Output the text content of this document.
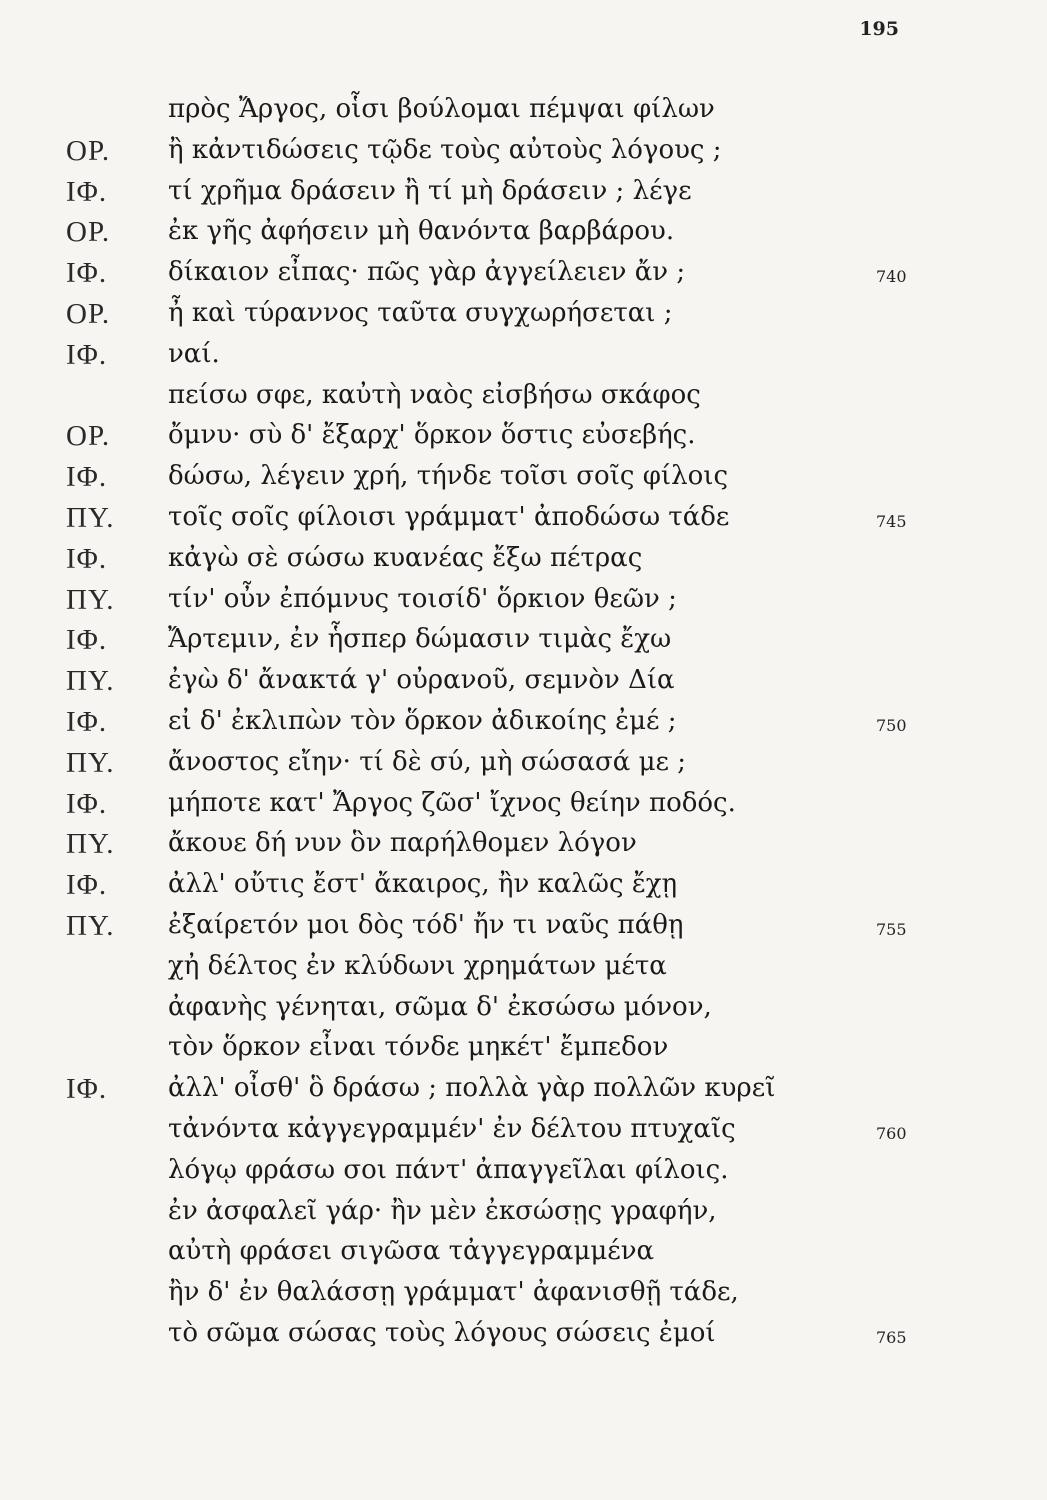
195
πρὸς Ἄργος, οἷσι βούλομαι πέμψαι φίλων
ΟΡ. ἢ κἀντιδώσεις τῷδε τοὺς αὐτοὺς λόγους ;
ΙΦ. τί χρῆμα δράσειν ἢ τί μὴ δράσειν ; λέγε
ΟΡ. ἐκ γῆς ἀφήσειν μὴ θανόντα βαρβάρου.
ΙΦ. δίκαιον εἶπας· πῶς γὰρ ἀγγείλειεν ἄν ;	740
ΟΡ. ἦ καὶ τύραννος ταῦτα συγχωρήσεται ;
ΙΦ. ναί.
πείσω σφε, καὐτὴ ναὸς εἰσβήσω σκάφος
ΟΡ. ὄμνυ· σὺ δ' ἔξαρχ' ὅρκον ὅστις εὐσεβής.
ΙΦ. δώσω, λέγειν χρή, τήνδε τοῖσι σοῖς φίλοις
ΠΥ. τοῖς σοῖς φίλοισι γράμματ' ἀποδώσω τάδε	745
ΙΦ. κἀγὼ σὲ σώσω κυανέας ἔξω πέτρας
ΠΥ. τίν' οὖν ἐπόμνυς τοισίδ' ὅρκιον θεῶν ;
ΙΦ. Ἄρτεμιν, ἐν ἧσπερ δώμασιν τιμὰς ἔχω
ΠΥ. ἐγὼ δ' ἄνακτά γ' οὐρανοῦ, σεμνὸν Δία
ΙΦ. εἰ δ' ἐκλιπὼν τὸν ὅρκον ἀδικοίης ἐμέ ;	750
ΠΥ. ἄνοστος εἴην· τί δὲ σύ, μὴ σώσασά με ;
ΙΦ. μήποτε κατ' Ἄργος ζῶσ' ἴχνος θείην ποδός.
ΠΥ. ἄκουε δή νυν ὃν παρήλθομεν λόγον
ΙΦ. ἀλλ' οὔτις ἔστ' ἄκαιρος, ἢν καλῶς ἔχῃ
ΠΥ. ἐξαίρετόν μοι δὸς τόδ' ἤν τι ναῦς πάθῃ	755
χἠ δέλτος ἐν κλύδωνι χρημάτων μέτα
ἀφανὴς γένηται, σῶμα δ' ἐκσώσω μόνον,
τὸν ὅρκον εἶναι τόνδε μηκέτ' ἔμπεδον
ΙΦ. ἀλλ' οἶσθ' ὃ δράσω ; πολλὰ γὰρ πολλῶν κυρεῖ
τἀνόντα κἀγγεγραμμέν' ἐν δέλτου πτυχαῖς	760
λόγῳ φράσω σοι πάντ' ἀπαγγεῖλαι φίλοις.
ἐν ἀσφαλεῖ γάρ· ἢν μὲν ἐκσώσῃς γραφήν,
αὐτὴ φράσει σιγῶσα τἀγγεγραμμένα
ἢν δ' ἐν θαλάσσῃ γράμματ' ἀφανισθῇ τάδε,
τὸ σῶμα σώσας τοὺς λόγους σώσεις ἐμοί	765
